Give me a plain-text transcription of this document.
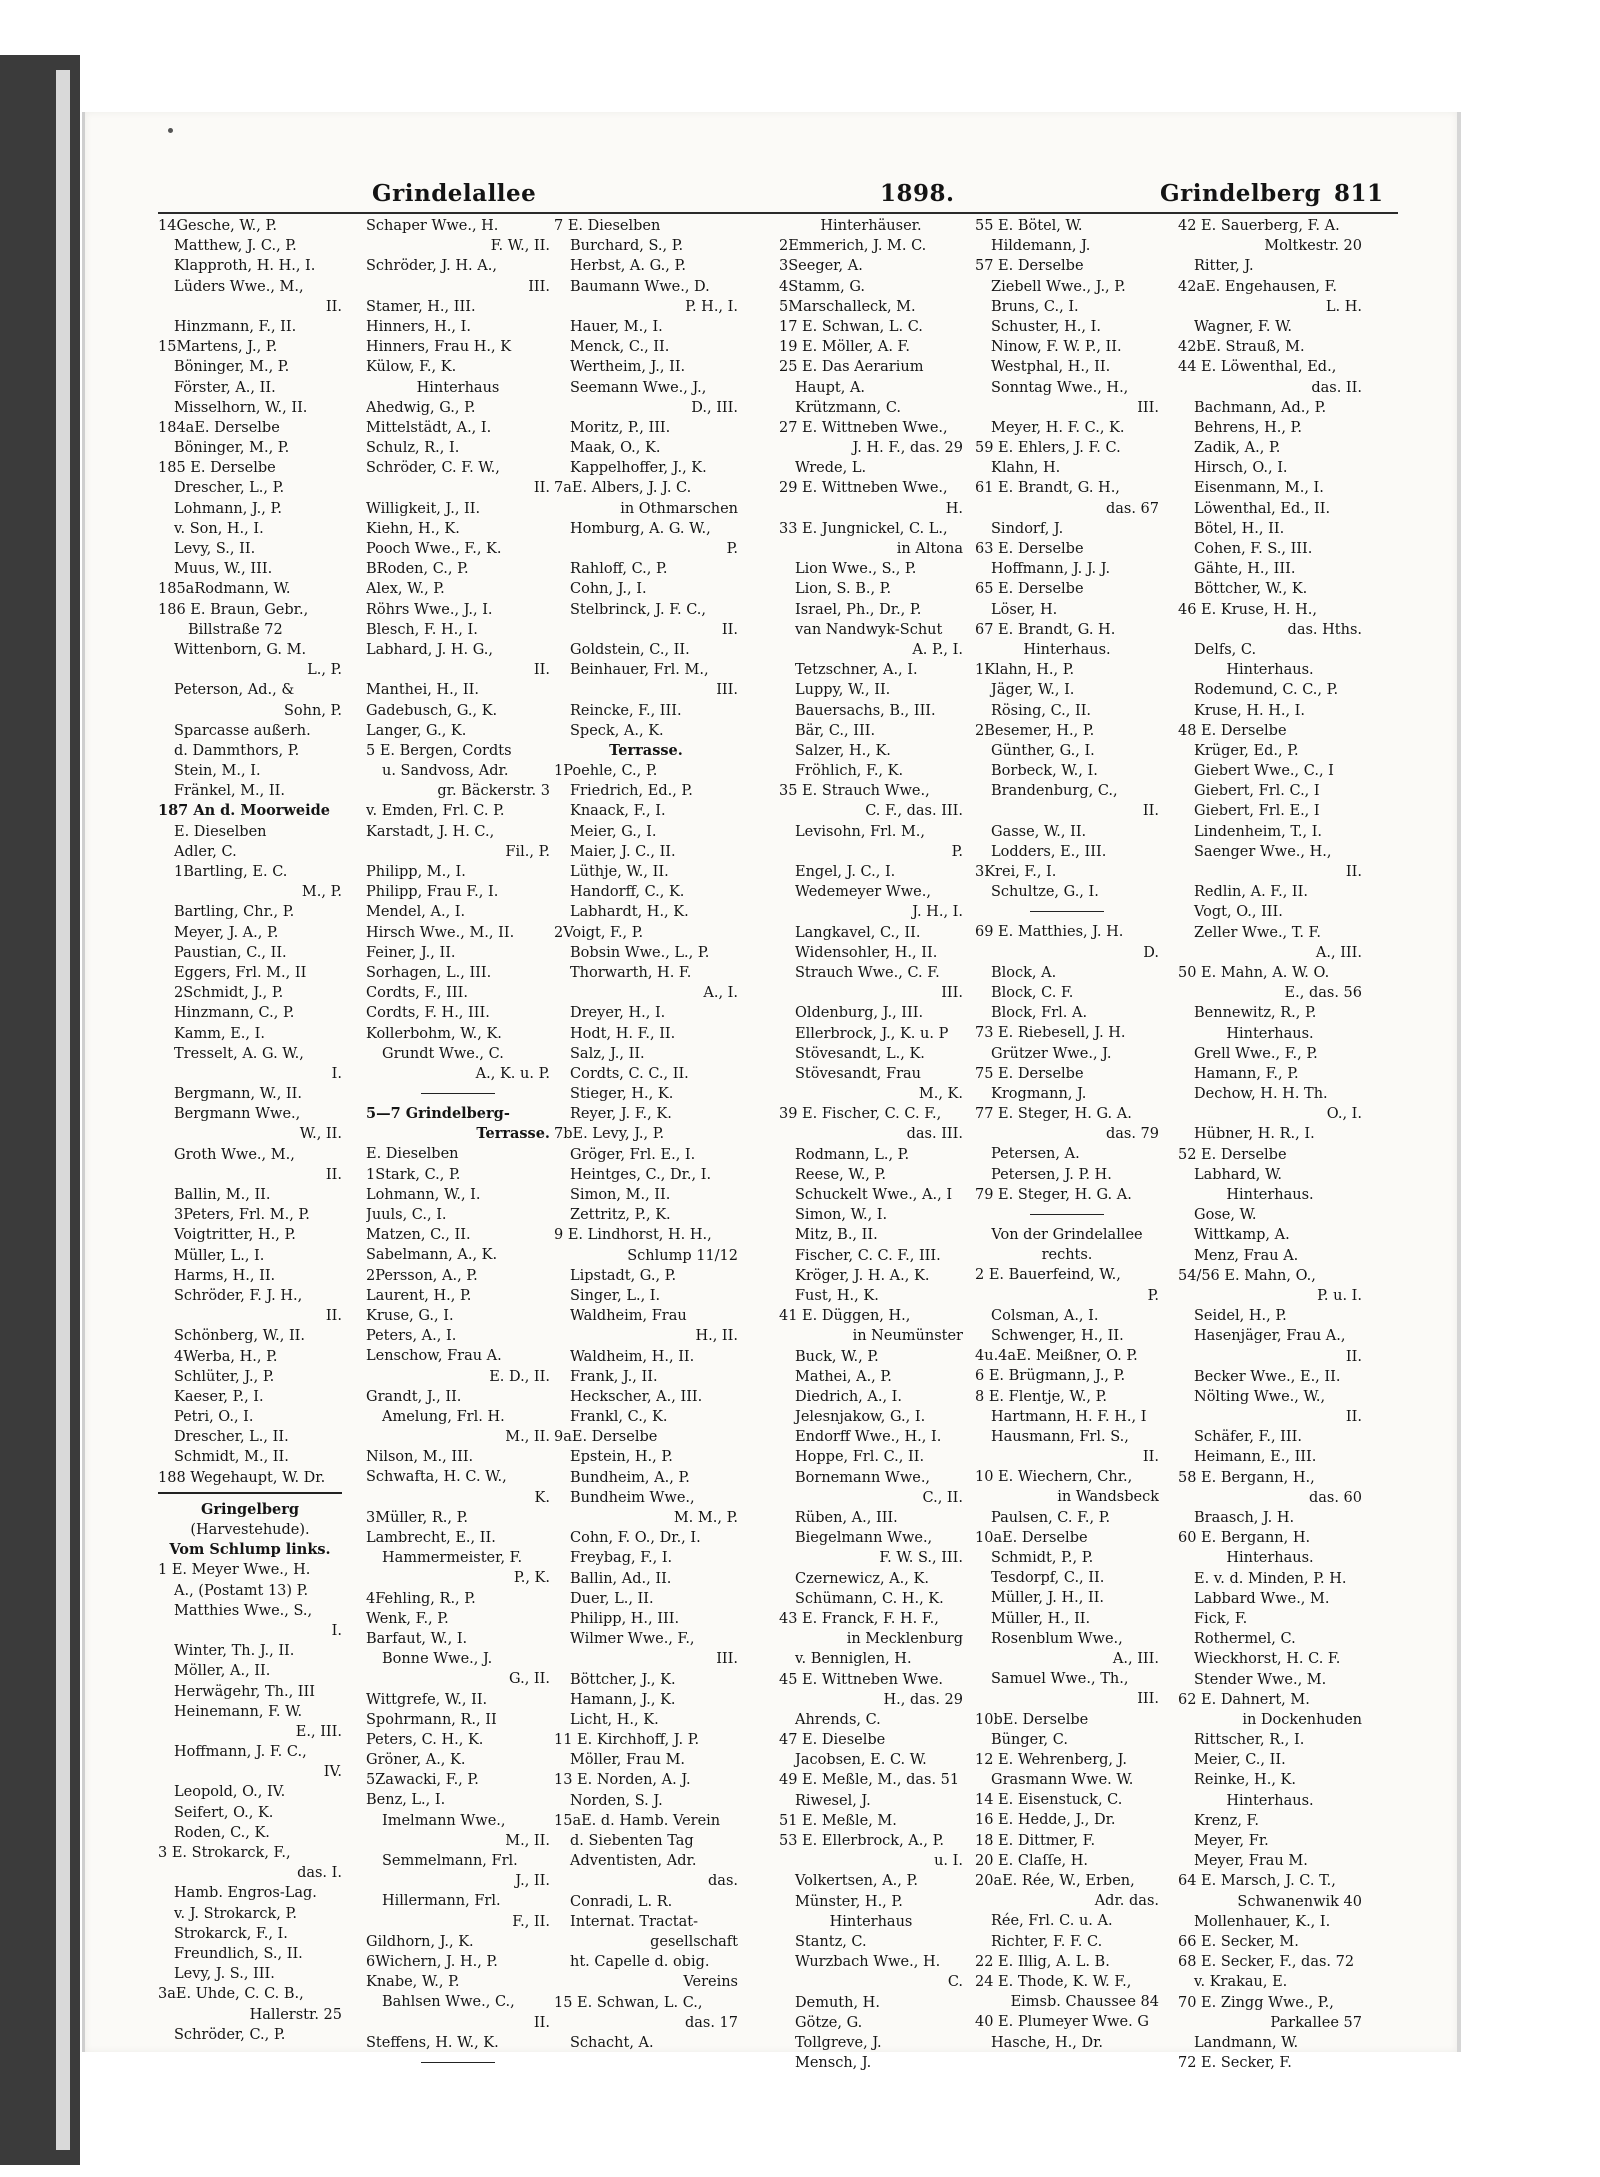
Grindelallee	1898.	Grindelberg 811
14Gesche, W., P.
Matthew, J. C., P.
Klapproth, H. H., I.
Lüders Wwe., M.,
II.
Hinzmann, F., II.
15Martens, J., P.
Böninger, M., P.
Förster, A., II.
Misselhorn, W., II.
184aE. Derselbe
Böninger, M., P.
185 E. Derselbe
Drescher, L., P.
Lohmann, J., P.
v. Son, H., I.
Levy, S., II.
Muus, W., III.
185aRodmann, W.
186 E. Braun, Gebr.,
Billstraße 72
Wittenborn, G. M.
L., P.
Peterson, Ad., &
Sohn, P.
Sparcasse außerh.
d. Dammthors, P.
Stein, M., I.
Fränkel, M., II.
187 An d. Moorweide
E. Dieselben
Adler, C.
1Bartling, E. C.
M., P.
Bartling, Chr., P.
Meyer, J. A., P.
Paustian, C., II.
Eggers, Frl. M., II
2Schmidt, J., P.
Hinzmann, C., P.
Kamm, E., I.
Tresselt, A. G. W.,
I.
Bergmann, W., II.
Bergmann Wwe.,
W., II.
Groth Wwe., M.,
II.
Ballin, M., II.
3Peters, Frl. M., P.
Voigtritter, H., P.
Müller, L., I.
Harms, H., II.
Schröder, F. J. H.,
II.
Schönberg, W., II.
4Werba, H., P.
Schlüter, J., P.
Kaeser, P., I.
Petri, O., I.
Drescher, L., II.
Schmidt, M., II.
188 Wegehaupt, W. Dr.
Gringelberg
(Harvestehude).
Vom Schlump links.
1 E. Meyer Wwe., H.
A., (Postamt 13) P.
Matthies Wwe., S.,
I.
Winter, Th. J., II.
Möller, A., II.
Herwägehr, Th., III
Heinemann, F. W.
E., III.
Hoffmann, J. F. C.,
IV.
Leopold, O., IV.
Seifert, O., K.
Roden, C., K.
3 E. Strokarck, F.,
das. I.
Hamb. Engros-Lag.
v. J. Strokarck, P.
Strokarck, F., I.
Freundlich, S., II.
Levy, J. S., III.
3aE. Uhde, C. C. B.,
Hallerstr. 25
Schröder, C., P.
Schaper Wwe., H.
F. W., II.
Schröder, J. H. A.,
III.
Stamer, H., III.
Hinners, H., I.
Hinners, Frau H., K
Külow, F., K.
Hinterhaus
Ahedwig, G., P.
Mittelstädt, A., I.
Schulz, R., I.
Schröder, C. F. W.,
II.
Willigkeit, J., II.
Kiehn, H., K.
Pooch Wwe., F., K.
BRoden, C., P.
Alex, W., P.
Röhrs Wwe., J., I.
Blesch, F. H., I.
Labhard, J. H. G.,
II.
Manthei, H., II.
Gadebusch, G., K.
Langer, G., K.
5 E. Bergen, Cordts
u. Sandvoss, Adr.
gr. Bäckerstr. 3
v. Emden, Frl. C. P.
Karstadt, J. H. C.,
Fil., P.
Philipp, M., I.
Philipp, Frau F., I.
Mendel, A., I.
Hirsch Wwe., M., II.
Feiner, J., II.
Sorhagen, L., III.
Cordts, F., III.
Cordts, F. H., III.
Kollerbohm, W., K.
Grundt Wwe., C.
A., K. u. P.
5—7 Grindelberg-
Terrasse.
E. Dieselben
1Stark, C., P.
Lohmann, W., I.
Juuls, C., I.
Matzen, C., II.
Sabelmann, A., K.
2Persson, A., P.
Laurent, H., P.
Kruse, G., I.
Peters, A., I.
Lenschow, Frau A.
E. D., II.
Grandt, J., II.
Amelung, Frl. H.
M., II.
Nilson, M., III.
Schwafta, H. C. W.,
K.
3Müller, R., P.
Lambrecht, E., II.
Hammermeister, F.
P., K.
4Fehling, R., P.
Wenk, F., P.
Barfaut, W., I.
Bonne Wwe., J.
G., II.
Wittgrefe, W., II.
Spohrmann, R., II
Peters, C. H., K.
Gröner, A., K.
5Zawacki, F., P.
Benz, L., I.
Imelmann Wwe.,
M., II.
Semmelmann, Frl.
J., II.
Hillermann, Frl.
F., II.
Gildhorn, J., K.
6Wichern, J. H., P.
Knabe, W., P.
Bahlsen Wwe., C.,
II.
Steffens, H. W., K.
7 E. Dieselben
Burchard, S., P.
Herbst, A. G., P.
Baumann Wwe., D.
P. H., I.
Hauer, M., I.
Menck, C., II.
Wertheim, J., II.
Seemann Wwe., J.,
D., III.
Moritz, P., III.
Maak, O., K.
Kappelhoffer, J., K.
7aE. Albers, J. J. C.
in Othmarschen
Homburg, A. G. W.,
P.
Rahloff, C., P.
Cohn, J., I.
Stelbrinck, J. F. C.,
II.
Goldstein, C., II.
Beinhauer, Frl. M.,
III.
Reincke, F., III.
Speck, A., K.
Terrasse.
1Poehle, C., P.
Friedrich, Ed., P.
Knaack, F., I.
Meier, G., I.
Maier, J. C., II.
Lüthje, W., II.
Handorff, C., K.
Labhardt, H., K.
2Voigt, F., P.
Bobsin Wwe., L., P.
Thorwarth, H. F.
A., I.
Dreyer, H., I.
Hodt, H. F., II.
Salz, J., II.
Cordts, C. C., II.
Stieger, H., K.
Reyer, J. F., K.
7bE. Levy, J., P.
Gröger, Frl. E., I.
Heintges, C., Dr., I.
Simon, M., II.
Zettritz, P., K.
9 E. Lindhorst, H. H.,
Schlump 11/12
Lipstadt, G., P.
Singer, L., I.
Waldheim, Frau
H., II.
Waldheim, H., II.
Frank, J., II.
Heckscher, A., III.
Frankl, C., K.
9aE. Derselbe
Epstein, H., P.
Bundheim, A., P.
Bundheim Wwe.,
M. M., P.
Cohn, F. O., Dr., I.
Freybag, F., I.
Ballin, Ad., II.
Duer, L., II.
Philipp, H., III.
Wilmer Wwe., F.,
III.
Böttcher, J., K.
Hamann, J., K.
Licht, H., K.
11 E. Kirchhoff, J. P.
Möller, Frau M.
13 E. Norden, A. J.
Norden, S. J.
15aE. d. Hamb. Verein
d. Siebenten Tag
Adventisten, Adr.
das.
Conradi, L. R.
Internat. Tractat-
gesellschaft
ht. Capelle d. obig.
Vereins
15 E. Schwan, L. C.,
das. 17
Schacht, A.
Hinterhäuser.
2Emmerich, J. M. C.
3Seeger, A.
4Stamm, G.
5Marschalleck, M.
17 E. Schwan, L. C.
19 E. Möller, A. F.
25 E. Das Aerarium
Haupt, A.
Krützmann, C.
27 E. Wittneben Wwe.,
J. H. F., das. 29
Wrede, L.
29 E. Wittneben Wwe.,
H.
33 E. Jungnickel, C. L.,
in Altona
Lion Wwe., S., P.
Lion, S. B., P.
Israel, Ph., Dr., P.
van Nandwyk-Schut
A. P., I.
Tetzschner, A., I.
Luppy, W., II.
Bauersachs, B., III.
Bär, C., III.
Salzer, H., K.
Fröhlich, F., K.
35 E. Strauch Wwe.,
C. F., das. III.
Levisohn, Frl. M.,
P.
Engel, J. C., I.
Wedemeyer Wwe.,
J. H., I.
Langkavel, C., II.
Widensohler, H., II.
Strauch Wwe., C. F.
III.
Oldenburg, J., III.
Ellerbrock, J., K. u. P
Stövesandt, L., K.
Stövesandt, Frau
M., K.
39 E. Fischer, C. C. F.,
das. III.
Rodmann, L., P.
Reese, W., P.
Schuckelt Wwe., A., I
Simon, W., I.
Mitz, B., II.
Fischer, C. C. F., III.
Kröger, J. H. A., K.
Fust, H., K.
41 E. Düggen, H.,
in Neumünster
Buck, W., P.
Mathei, A., P.
Diedrich, A., I.
Jelesnjakow, G., I.
Endorff Wwe., H., I.
Hoppe, Frl. C., II.
Bornemann Wwe.,
C., II.
Rüben, A., III.
Biegelmann Wwe.,
F. W. S., III.
Czernewicz, A., K.
Schümann, C. H., K.
43 E. Franck, F. H. F.,
in Mecklenburg
v. Benniglen, H.
45 E. Wittneben Wwe.
H., das. 29
Ahrends, C.
47 E. Dieselbe
Jacobsen, E. C. W.
49 E. Meßle, M., das. 51
Riwesel, J.
51 E. Meßle, M.
53 E. Ellerbrock, A., P.
u. I.
Volkertsen, A., P.
Münster, H., P.
Hinterhaus
Stantz, C.
Wurzbach Wwe., H.
C.
Demuth, H.
Götze, G.
Tollgreve, J.
Mensch, J.
55 E. Bötel, W.
Hildemann, J.
57 E. Derselbe
Ziebell Wwe., J., P.
Bruns, C., I.
Schuster, H., I.
Ninow, F. W. P., II.
Westphal, H., II.
Sonntag Wwe., H.,
III.
Meyer, H. F. C., K.
59 E. Ehlers, J. F. C.
Klahn, H.
61 E. Brandt, G. H.,
das. 67
Sindorf, J.
63 E. Derselbe
Hoffmann, J. J. J.
65 E. Derselbe
Löser, H.
67 E. Brandt, G. H.
Hinterhaus.
1Klahn, H., P.
Jäger, W., I.
Rösing, C., II.
2Besemer, H., P.
Günther, G., I.
Borbeck, W., I.
Brandenburg, C.,
II.
Gasse, W., II.
Lodders, E., III.
3Krei, F., I.
Schultze, G., I.
69 E. Matthies, J. H.
D.
Block, A.
Block, C. F.
Block, Frl. A.
73 E. Riebesell, J. H.
Grützer Wwe., J.
75 E. Derselbe
Krogmann, J.
77 E. Steger, H. G. A.
das. 79
Petersen, A.
Petersen, J. P. H.
79 E. Steger, H. G. A.
Von der Grindelallee
rechts.
2 E. Bauerfeind, W.,
P.
Colsman, A., I.
Schwenger, H., II.
4u.4aE. Meißner, O. P.
6 E. Brügmann, J., P.
8 E. Flentje, W., P.
Hartmann, H. F. H., I
Hausmann, Frl. S.,
II.
10 E. Wiechern, Chr.,
in Wandsbeck
Paulsen, C. F., P.
10aE. Derselbe
Schmidt, P., P.
Tesdorpf, C., II.
Müller, J. H., II.
Müller, H., II.
Rosenblum Wwe.,
A., III.
Samuel Wwe., Th.,
III.
10bE. Derselbe
Bünger, C.
12 E. Wehrenberg, J.
Grasmann Wwe. W.
14 E. Eisenstuck, C.
16 E. Hedde, J., Dr.
18 E. Dittmer, F.
20 E. Claſſe, H.
20aE. Rée, W., Erben,
Adr. das.
Rée, Frl. C. u. A.
Richter, F. F. C.
22 E. Illig, A. L. B.
24 E. Thode, K. W. F.,
Eimsb. Chaussee 84
40 E. Plumeyer Wwe. G
Hasche, H., Dr.
42 E. Sauerberg, F. A.
Moltkestr. 20
Ritter, J.
42aE. Engehausen, F.
L. H.
Wagner, F. W.
42bE. Strauß, M.
44 E. Löwenthal, Ed.,
das. II.
Bachmann, Ad., P.
Behrens, H., P.
Zadik, A., P.
Hirsch, O., I.
Eisenmann, M., I.
Löwenthal, Ed., II.
Bötel, H., II.
Cohen, F. S., III.
Gähte, H., III.
Böttcher, W., K.
46 E. Kruse, H. H.,
das. Hths.
Delfs, C.
Hinterhaus.
Rodemund, C. C., P.
Kruse, H. H., I.
48 E. Derselbe
Krüger, Ed., P.
Giebert Wwe., C., I
Giebert, Frl. C., I
Giebert, Frl. E., I
Lindenheim, T., I.
Saenger Wwe., H.,
II.
Redlin, A. F., II.
Vogt, O., III.
Zeller Wwe., T. F.
A., III.
50 E. Mahn, A. W. O.
E., das. 56
Bennewitz, R., P.
Hinterhaus.
Grell Wwe., F., P.
Hamann, F., P.
Dechow, H. H. Th.
O., I.
Hübner, H. R., I.
52 E. Derselbe
Labhard, W.
Hinterhaus.
Gose, W.
Wittkamp, A.
Menz, Frau A.
54/56 E. Mahn, O.,
P. u. I.
Seidel, H., P.
Hasenjäger, Frau A.,
II.
Becker Wwe., E., II.
Nölting Wwe., W.,
II.
Schäfer, F., III.
Heimann, E., III.
58 E. Bergann, H.,
das. 60
Braasch, J. H.
60 E. Bergann, H.
Hinterhaus.
E. v. d. Minden, P. H.
Labbard Wwe., M.
Fick, F.
Rothermel, C.
Wieckhorst, H. C. F.
Stender Wwe., M.
62 E. Dahnert, M.
in Dockenhuden
Rittscher, R., I.
Meier, C., II.
Reinke, H., K.
Hinterhaus.
Krenz, F.
Meyer, Fr.
Meyer, Frau M.
64 E. Marsch, J. C. T.,
Schwanenwik 40
Mollenhauer, K., I.
66 E. Secker, M.
68 E. Secker, F., das. 72
v. Krakau, E.
70 E. Zingg Wwe., P.,
Parkallee 57
Landmann, W.
72 E. Secker, F.
